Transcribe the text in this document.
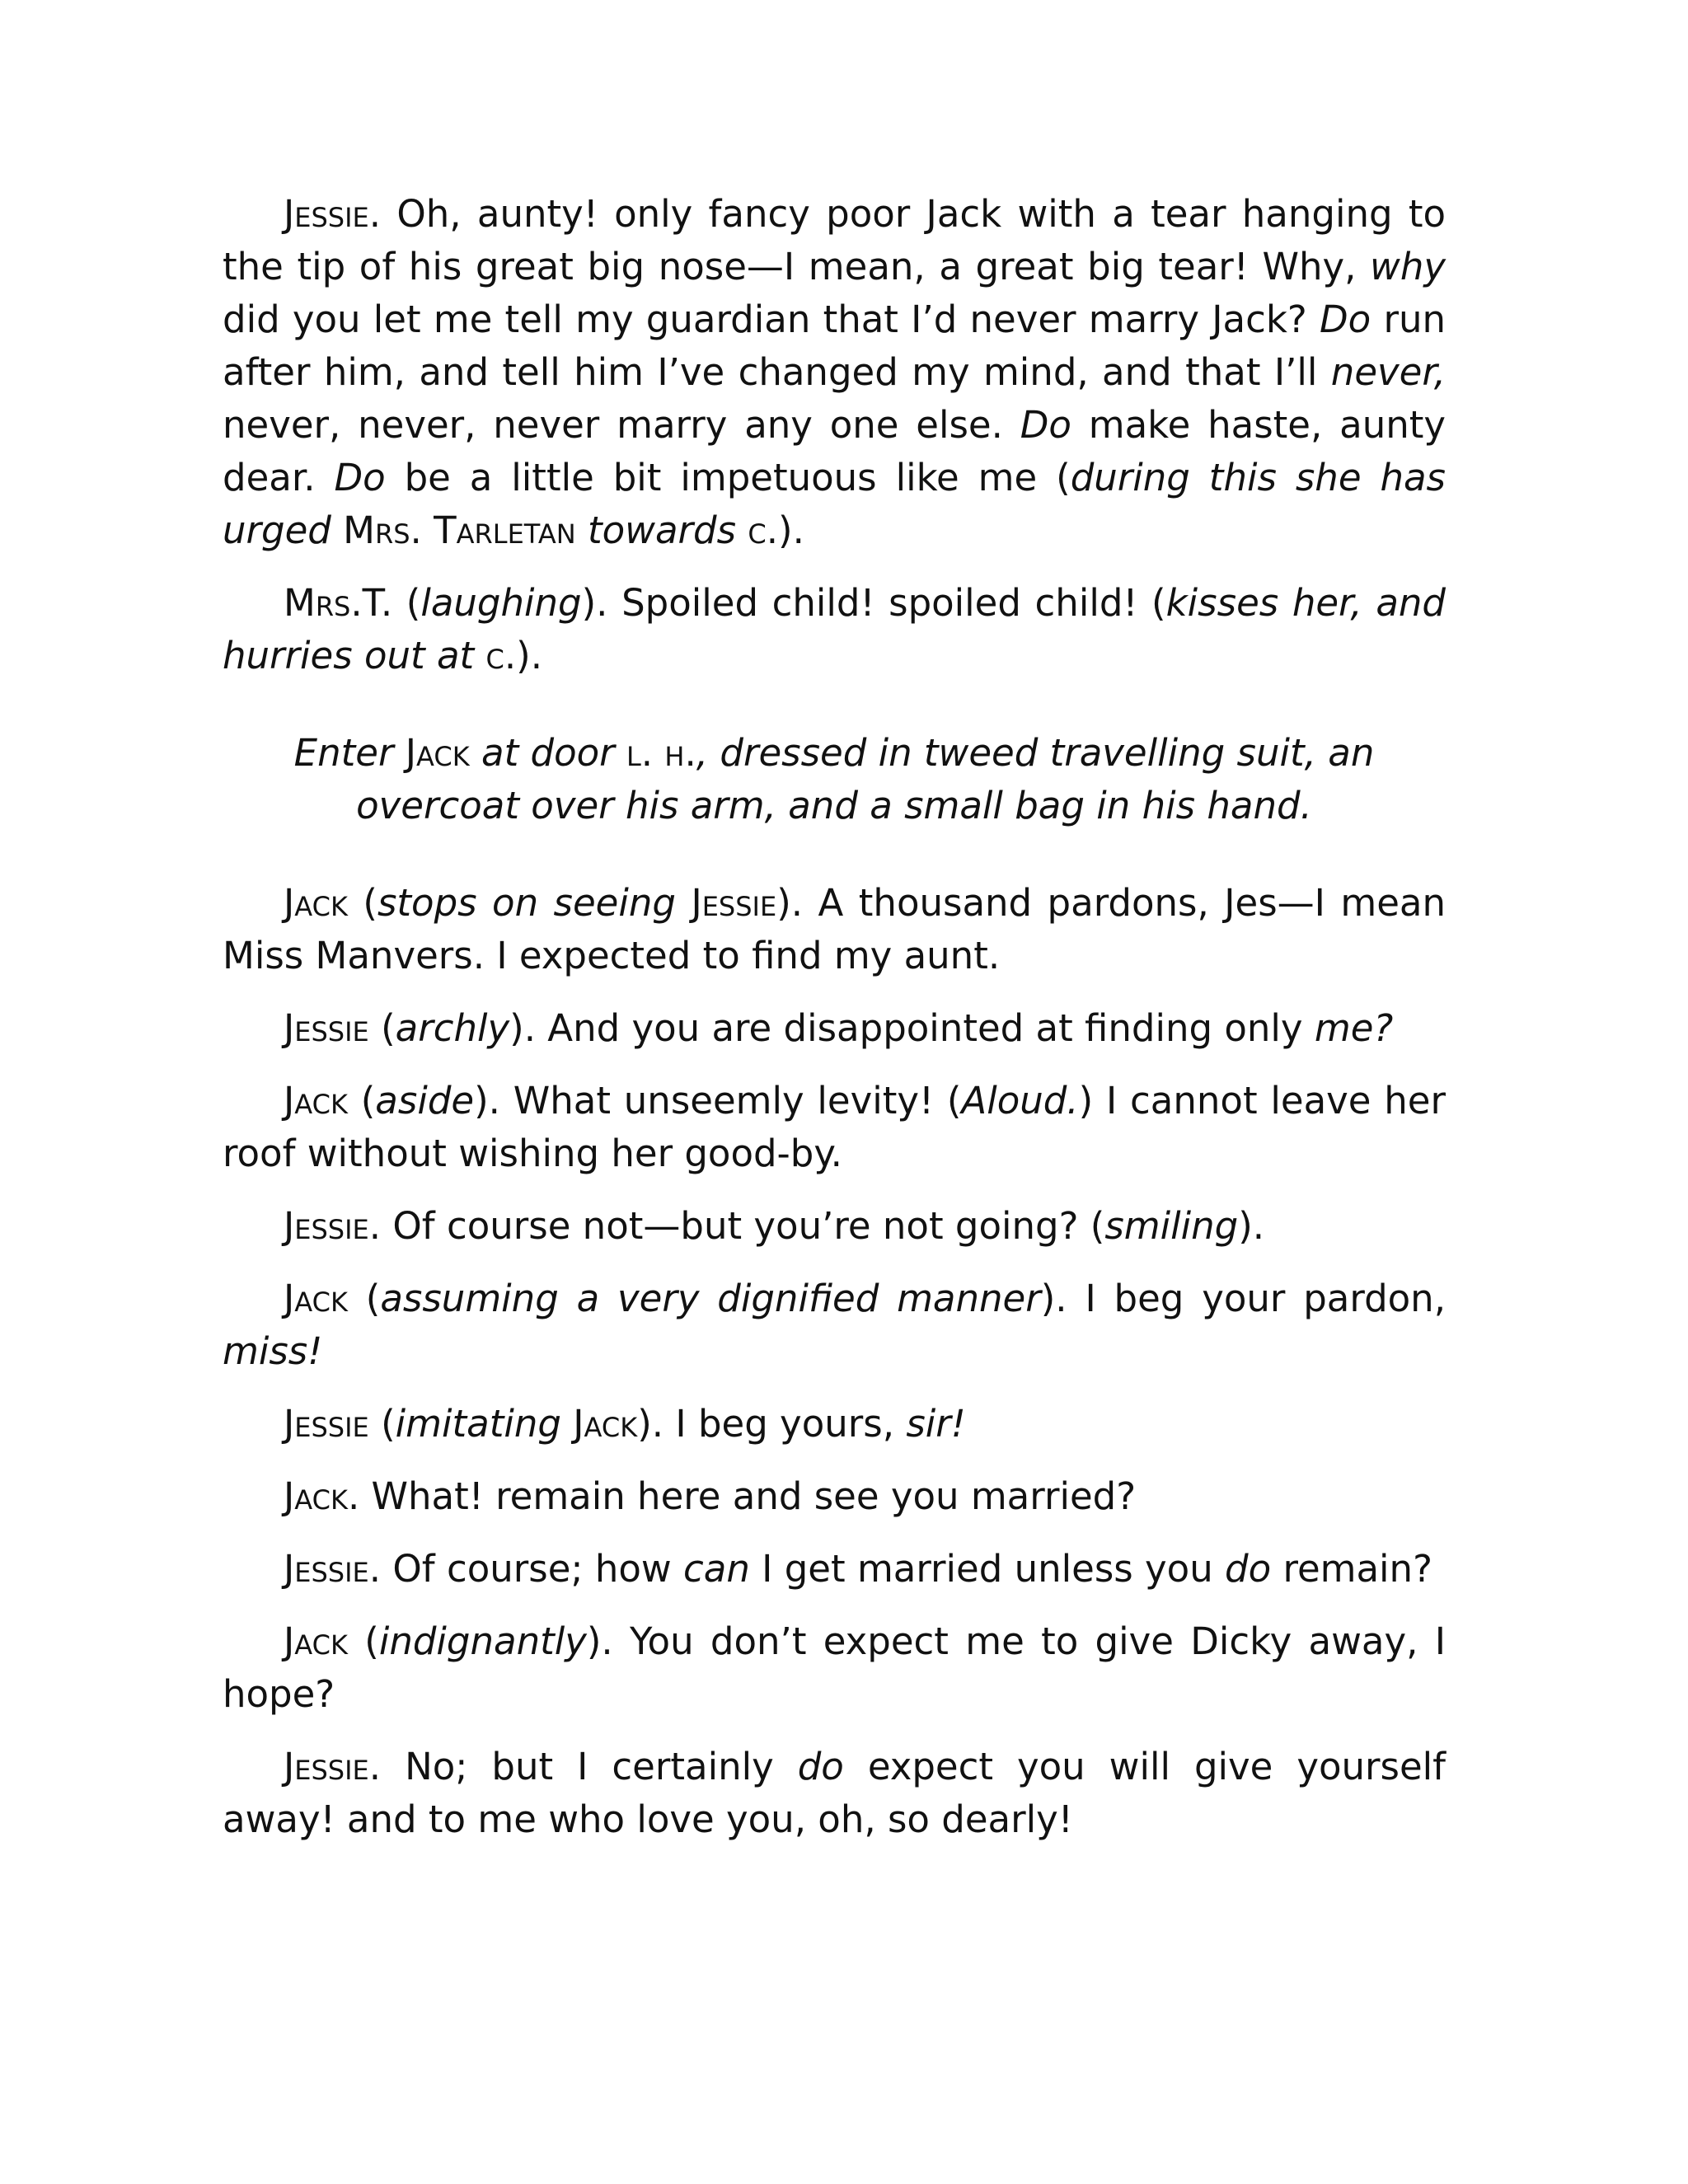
Jessie. Oh, aunty! only fancy poor Jack with a tear hanging to the tip of his great big nose—I mean, a great big tear! Why, why did you let me tell my guardian that I’d never marry Jack? Do run after him, and tell him I’ve changed my mind, and that I’ll never, never, never, never marry any one else. Do make haste, aunty dear. Do be a little bit impetuous like me (during this she has urged Mrs. Tarletan towards c.).

Mrs.T. (laughing). Spoiled child! spoiled child! (kisses her, and hurries out at c.).

Enter Jack at door l. h., dressed in tweed travelling suit, an overcoat over his arm, and a small bag in his hand.

Jack (stops on seeing Jessie). A thousand pardons, Jes—I mean Miss Manvers. I expected to find my aunt.

Jessie (archly). And you are disappointed at finding only me?

Jack (aside). What unseemly levity! (Aloud.) I cannot leave her roof without wishing her good-by.

Jessie. Of course not—but you’re not going? (smiling).

Jack (assuming a very dignified manner). I beg your pardon, miss!

Jessie (imitating Jack). I beg yours, sir!

Jack. What! remain here and see you married?

Jessie. Of course; how can I get married unless you do remain?

Jack (indignantly). You don’t expect me to give Dicky away, I hope?

Jessie. No; but I certainly do expect you will give yourself away! and to me who love you, oh, so dearly!
